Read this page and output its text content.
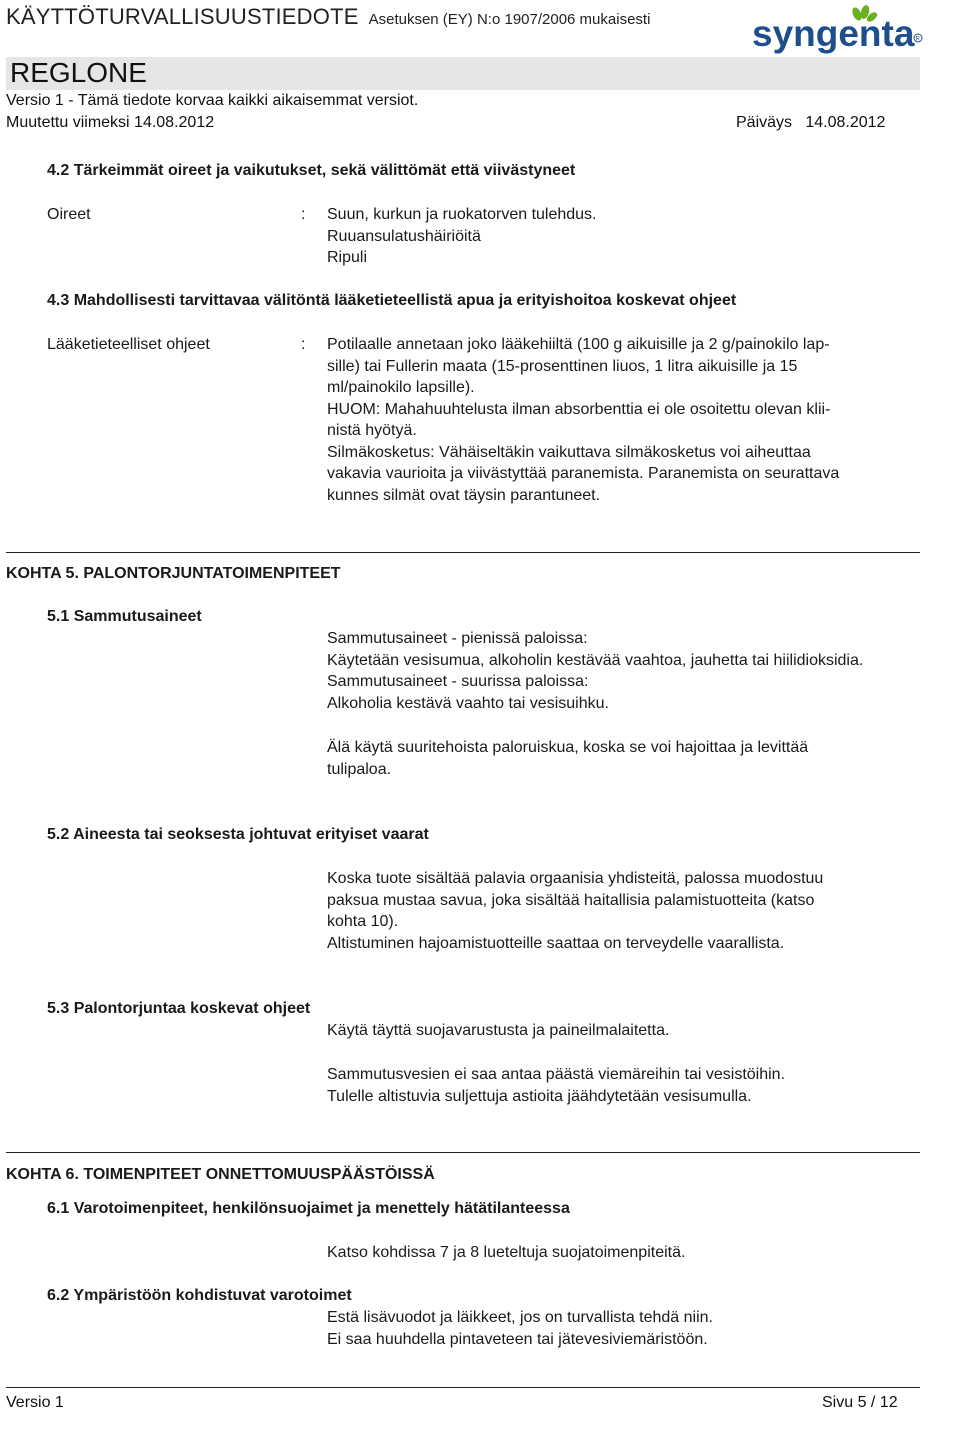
KÄYTTÖTURVALLISUUSTIEDOTE Asetuksen (EY) N:o 1907/2006 mukaisesti	syngenta R
REGLONE
Versio 1 - Tämä tiedote korvaa kaikki aikaisemmat versiot.
Muutettu viimeksi 14.08.2012	Päiväys 14.08.2012
4.2 Tärkeimmät oireet ja vaikutukset, sekä välittömät että viivästyneet
Oireet	: Suun, kurkun ja ruokatorven tulehdus.
Ruuansulatushäiriöitä
Ripuli
4.3 Mahdollisesti tarvittavaa välitöntä lääketieteellistä apua ja erityishoitoa koskevat ohjeet
Lääketieteelliset ohjeet	: Potilaalle annetaan joko lääkehiiltä (100 g aikuisille ja 2 g/painokilo lap-
sille) tai Fullerin maata (15-prosenttinen liuos, 1 litra aikuisille ja 15
ml/painokilo lapsille).
HUOM: Mahahuuhtelusta ilman absorbenttia ei ole osoitettu olevan klii-
nistä hyötyä.
Silmäkosketus: Vähäiseltäkin vaikuttava silmäkosketus voi aiheuttaa
vakavia vaurioita ja viivästyttää paranemista. Paranemista on seurattava
kunnes silmät ovat täysin parantuneet.
KOHTA 5. PALONTORJUNTATOIMENPITEET
5.1 Sammutusaineet
Sammutusaineet - pienissä paloissa:
Käytetään vesisumua, alkoholin kestävää vaahtoa, jauhetta tai hiilidioksidia.
Sammutusaineet - suurissa paloissa:
Alkoholia kestävä vaahto tai vesisuihku.
Älä käytä suuritehoista paloruiskua, koska se voi hajoittaa ja levittää
tulipaloa.
5.2 Aineesta tai seoksesta johtuvat erityiset vaarat
Koska tuote sisältää palavia orgaanisia yhdisteitä, palossa muodostuu
paksua mustaa savua, joka sisältää haitallisia palamistuotteita (katso
kohta 10).
Altistuminen hajoamistuotteille saattaa on terveydelle vaarallista.
5.3 Palontorjuntaa koskevat ohjeet
Käytä täyttä suojavarustusta ja paineilmalaitetta.
Sammutusvesien ei saa antaa päästä viemäreihin tai vesistöihin.
Tulelle altistuvia suljettuja astioita jäähdytetään vesisumulla.
KOHTA 6. TOIMENPITEET ONNETTOMUUSPÄÄSTÖISSÄ
6.1 Varotoimenpiteet, henkilönsuojaimet ja menettely hätätilanteessa
Katso kohdissa 7 ja 8 lueteltuja suojatoimenpiteitä.
6.2 Ympäristöön kohdistuvat varotoimet
Estä lisävuodot ja läikkeet, jos on turvallista tehdä niin.
Ei saa huuhdella pintaveteen tai jätevesiviemäristöön.
Versio 1	Sivu 5 / 12
